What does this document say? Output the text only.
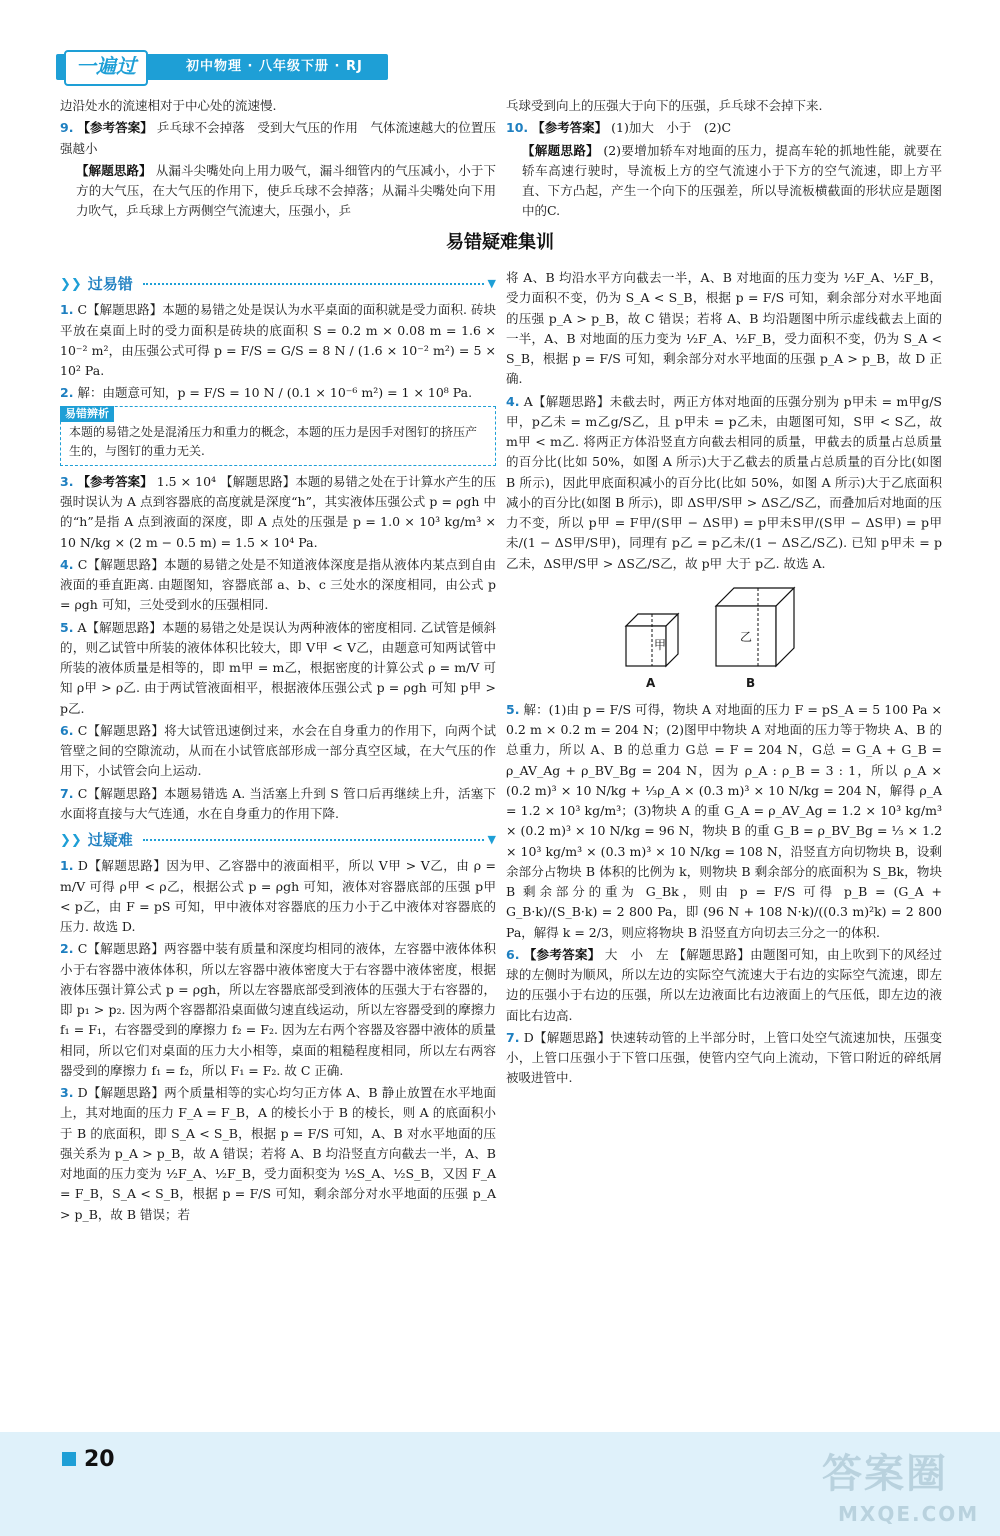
一遍过	初中物理 · 八年级下册 · RJ

边沿处水的流速相对于中心处的流速慢.

9. 【参考答案】 乒乓球不会掉落　受到大气压的作用　气体流速越大的位置压强越小
【解题思路】 从漏斗尖嘴处向上用力吸气，漏斗细管内的气压减小，小于下方的大气压，在大气压的作用下，使乒乓球不会掉落；从漏斗尖嘴处向下用力吹气，乒乓球上方两侧空气流速大，压强小，乒

乓球受到向上的压强大于向下的压强，乒乓球不会掉下来.

10. 【参考答案】 (1)加大　小于　(2)C
【解题思路】 (2)要增加轿车对地面的压力，提高车轮的抓地性能，就要在轿车高速行驶时，导流板上方的空气流速小于下方的空气流速，即上方平直、下方凸起，产生一个向下的压强差，所以导流板横截面的形状应是题图中的C.
易错疑难集训
❯❯ 过易错	▼
1. C【解题思路】本题的易错之处是误认为水平桌面的面积就是受力面积. 砖块平放在桌面上时的受力面积是砖块的底面积 S = 0.2 m × 0.08 m = 1.6 × 10⁻² m²，由压强公式可得 p = F/S = G/S = 8 N / (1.6 × 10⁻² m²) = 5 × 10² Pa.
2. 解：由题意可知，p = F/S = 10 N / (0.1 × 10⁻⁶ m²) = 1 × 10⁸ Pa.
易错辨析
本题的易错之处是混淆压力和重力的概念，本题的压力是因手对图钉的挤压产生的，与图钉的重力无关.
3. 【参考答案】 1.5 × 10⁴ 【解题思路】本题的易错之处在于计算水产生的压强时误认为 A 点到容器底的高度就是深度“h”，其实液体压强公式 p = ρgh 中的“h”是指 A 点到液面的深度，即 A 点处的压强是 p = 1.0 × 10³ kg/m³ × 10 N/kg × (2 m − 0.5 m) = 1.5 × 10⁴ Pa.
4. C【解题思路】本题的易错之处是不知道液体深度是指从液体内某点到自由液面的垂直距离. 由题图知，容器底部 a、b、c 三处水的深度相同，由公式 p = ρgh 可知，三处受到水的压强相同.
5. A【解题思路】本题的易错之处是误认为两种液体的密度相同. 乙试管是倾斜的，则乙试管中所装的液体体积比较大，即 V甲 < V乙，由题意可知两试管中所装的液体质量是相等的，即 m甲 = m乙，根据密度的计算公式 ρ = m/V 可知 ρ甲 > ρ乙. 由于两试管液面相平，根据液体压强公式 p = ρgh 可知 p甲 > p乙.
6. C【解题思路】将大试管迅速倒过来，水会在自身重力的作用下，向两个试管壁之间的空隙流动，从而在小试管底部形成一部分真空区域，在大气压的作用下，小试管会向上运动.
7. C【解题思路】本题易错选 A. 当活塞上升到 S 管口后再继续上升，活塞下水面将直接与大气连通，水在自身重力的作用下降.
❯❯ 过疑难	▼
1. D【解题思路】因为甲、乙容器中的液面相平，所以 V甲 > V乙，由 ρ = m/V 可得 ρ甲 < ρ乙，根据公式 p = ρgh 可知，液体对容器底部的压强 p甲 < p乙，由 F = pS 可知，甲中液体对容器底的压力小于乙中液体对容器底的压力. 故选 D.
2. C【解题思路】两容器中装有质量和深度均相同的液体，左容器中液体体积小于右容器中液体体积，所以左容器中液体密度大于右容器中液体密度，根据液体压强计算公式 p = ρgh，所以左容器底部受到液体的压强大于右容器的，即 p₁ > p₂. 因为两个容器都沿桌面做匀速直线运动，所以左容器受到的摩擦力 f₁ = F₁，右容器受到的摩擦力 f₂ = F₂. 因为左右两个容器及容器中液体的质量相同，所以它们对桌面的压力大小相等，桌面的粗糙程度相同，所以左右两容器受到的摩擦力 f₁ = f₂，所以 F₁ = F₂. 故 C 正确.
3. D【解题思路】两个质量相等的实心均匀正方体 A、B 静止放置在水平地面上，其对地面的压力 F_A = F_B，A 的棱长小于 B 的棱长，则 A 的底面积小于 B 的底面积，即 S_A < S_B，根据 p = F/S 可知，A、B 对水平地面的压强关系为 p_A > p_B，故 A 错误；若将 A、B 均沿竖直方向截去一半，A、B 对地面的压力变为 ½F_A、½F_B，受力面积变为 ½S_A、½S_B，又因 F_A = F_B，S_A < S_B，根据 p = F/S 可知，剩余部分对水平地面的压强 p_A > p_B，故 B 错误；若

将 A、B 均沿水平方向截去一半，A、B 对地面的压力变为 ½F_A、½F_B，受力面积不变，仍为 S_A < S_B，根据 p = F/S 可知，剩余部分对水平地面的压强 p_A > p_B，故 C 错误；若将 A、B 均沿题图中所示虚线截去上面的一半，A、B 对地面的压力变为 ½F_A、½F_B，受力面积不变，仍为 S_A < S_B，根据 p = F/S 可知，剩余部分对水平地面的压强 p_A > p_B，故 D 正确.

4. A【解题思路】未截去时，两正方体对地面的压强分别为 p甲未 = m甲g/S甲，p乙未 = m乙g/S乙，且 p甲未 = p乙未，由题图可知，S甲 < S乙，故 m甲 < m乙. 将两正方体沿竖直方向截去相同的质量，甲截去的质量占总质量的百分比(比如 50%，如图 A 所示)大于乙截去的质量占总质量的百分比(如图 B 所示)，因此甲底面积减小的百分比(比如 50%，如图 A 所示)大于乙底面积减小的百分比(如图 B 所示)，即 ΔS甲/S甲 > ΔS乙/S乙，而叠加后对地面的压力不变，所以 p甲 = F甲/(S甲 − ΔS甲) = p甲未S甲/(S甲 − ΔS甲) = p甲未/(1 − ΔS甲/S甲)，同理有 p乙 = p乙未/(1 − ΔS乙/S乙). 已知 p甲未 = p乙未，ΔS甲/S甲 > ΔS乙/S乙，故 p甲 大于 p乙. 故选 A.
甲
乙
A	B
5. 解：(1)由 p = F/S 可得，物块 A 对地面的压力 F = pS_A = 5 100 Pa × 0.2 m × 0.2 m = 204 N；(2)图甲中物块 A 对地面的压力等于物块 A、B 的总重力，所以 A、B 的总重力 G总 = F = 204 N，G总 = G_A + G_B = ρ_AV_Ag + ρ_BV_Bg = 204 N，因为 ρ_A : ρ_B = 3 : 1，所以 ρ_A × (0.2 m)³ × 10 N/kg + ⅓ρ_A × (0.3 m)³ × 10 N/kg = 204 N，解得 ρ_A = 1.2 × 10³ kg/m³；(3)物块 A 的重 G_A = ρ_AV_Ag = 1.2 × 10³ kg/m³ × (0.2 m)³ × 10 N/kg = 96 N，物块 B 的重 G_B = ρ_BV_Bg = ⅓ × 1.2 × 10³ kg/m³ × (0.3 m)³ × 10 N/kg = 108 N，沿竖直方向切物块 B，设剩余部分占物块 B 体积的比例为 k，则物块 B 剩余部分的底面积为 S_Bk，物块 B 剩余部分的重为 G_Bk，则由 p = F/S 可得 p_B = (G_A + G_B·k)/(S_B·k) = 2 800 Pa，即 (96 N + 108 N·k)/((0.3 m)²k) = 2 800 Pa，解得 k = 2/3，则应将物块 B 沿竖直方向切去三分之一的体积.
6. 【参考答案】 大　小　左 【解题思路】由题图可知，由上吹到下的风经过球的左侧时为顺风，所以左边的实际空气流速大于右边的实际空气流速，即左边的压强小于右边的压强，所以左边液面比右边液面上的气压低，即左边的液面比右边高.
7. D【解题思路】快速转动管的上半部分时，上管口处空气流速加快，压强变小，上管口压强小于下管口压强，使管内空气向上流动，下管口附近的碎纸屑被吸进管中.
20	答案圈
MXQE.COM
